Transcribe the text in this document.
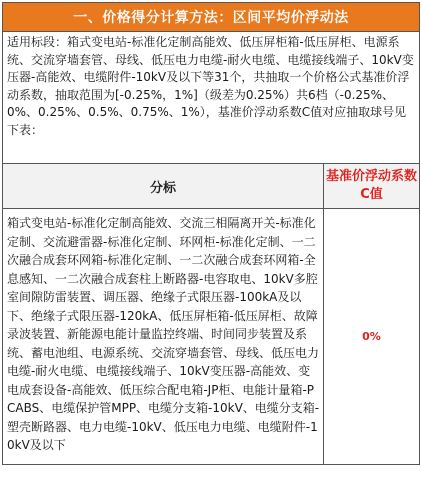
一、价格得分计算方法：区间平均价浮动法	

适用标段：箱式变电站-标准化定制高能效、低压屏柜箱-低压屏柜、电源系统、交流穿墙套管、母线、低压电力电缆-耐火电缆、电缆接线端子、10kV变压器-高能效、电缆附件-10kV及以下等31个，共抽取一个价格公式基准价浮动系数，抽取范围为[-0.25%，1%]（级差为0.25%）共6档（-0.25%、0%、0.25%、0.5%、0.75%、1%），基准价浮动系数C值对应抽取球号见下表：	

分标	基准价浮动系数C值
箱式变电站-标准化定制高能效、交流三相隔离开关-标准化定制、交流避雷器-标准化定制、环网柜-标准化定制、一二次融合成套环网箱-标准化定制、一二次融合成套环网箱-全息感知、一二次融合成套柱上断路器-电容取电、10kV多腔室间隙防雷装置、调压器、绝缘子式限压器-100kA及以下、绝缘子式限压器-120kA、低压屏柜箱-低压屏柜、故障录波装置、新能源电能计量监控终端、时间同步装置及系统、蓄电池组、电源系统、交流穿墙套管、母线、低压电力电缆-耐火电缆、电缆接线端子、10kV变压器-高能效、变电成套设备-高能效、低压综合配电箱-JP柜、电能计量箱-PCABS、电缆保护管MPP、电缆分支箱-10kV、电缆分支箱-塑壳断路器、电力电缆-10kV、低压电力电缆、电缆附件-10kV及以下	0%
